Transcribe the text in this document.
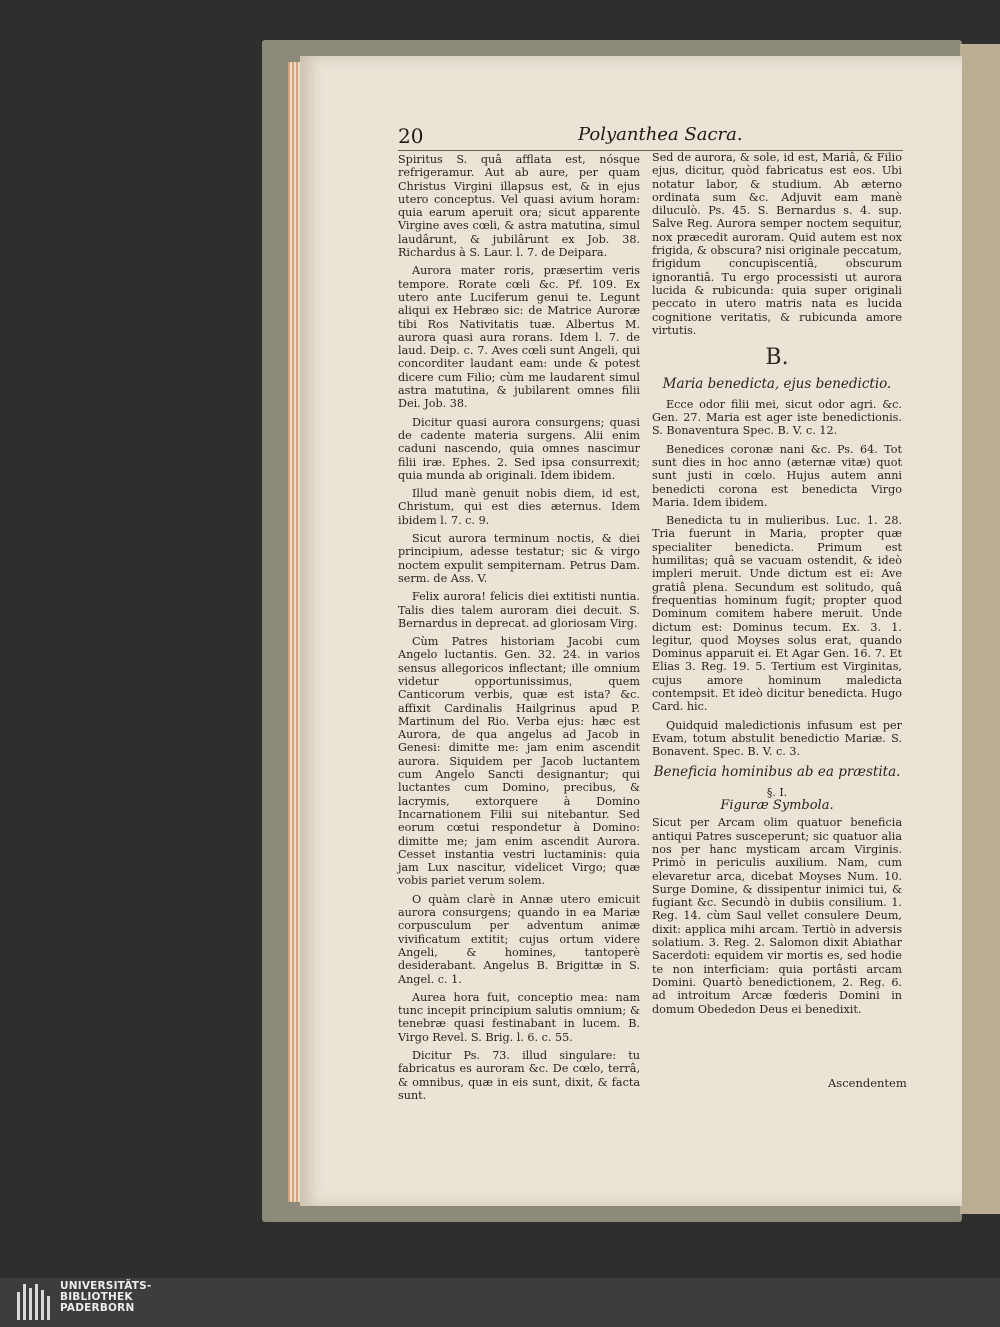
20	Polyanthea Sacra.

Spiritus S. quâ afflata est, nósque refrigeramur. Aut ab aure, per quam Christus Virgini illapsus est, & in ejus utero conceptus. Vel quasi avium horam: quia earum aperuit ora; sicut apparente Virgine aves cœli, & astra matutina, simul laudârunt, & jubilârunt ex Job. 38. Richardus à S. Laur. l. 7. de Deipara.

Aurora mater roris, præsertim veris tempore. Rorate cœli &c. Pf. 109. Ex utero ante Luciferum genui te. Legunt aliqui ex Hebræo sic: de Matrice Auroræ tibi Ros Nativitatis tuæ. Albertus M. aurora quasi aura rorans. Idem l. 7. de laud. Deip. c. 7. Aves cœli sunt Angeli, qui concorditer laudant eam: unde & potest dicere cum Filio; cùm me laudarent simul astra matutina, & jubilarent omnes filii Dei. Job. 38.

Dicitur quasi aurora consurgens; quasi de cadente materia surgens. Alii enim caduni nascendo, quia omnes nascimur filii iræ. Ephes. 2. Sed ipsa consurrexit; quia munda ab originali. Idem ibidem.

Illud manè genuit nobis diem, id est, Christum, qui est dies æternus. Idem ibidem l. 7. c. 9.

Sicut aurora terminum noctis, & diei principium, adesse testatur; sic & virgo noctem expulit sempiternam. Petrus Dam. serm. de Ass. V.

Felix aurora! felicis diei extitisti nuntia. Talis dies talem auroram diei decuit. S. Bernardus in deprecat. ad gloriosam Virg.

Cùm Patres historiam Jacobi cum Angelo luctantis. Gen. 32. 24. in varios sensus allegoricos inflectant; ille omnium videtur opportunissimus, quem Canticorum verbis, quæ est ista? &c. affixit Cardinalis Hailgrinus apud P. Martinum del Rio. Verba ejus: hæc est Aurora, de qua angelus ad Jacob in Genesi: dimitte me: jam enim ascendit aurora. Siquidem per Jacob luctantem cum Angelo Sancti designantur; qui luctantes cum Domino, precibus, & lacrymis, extorquere à Domino Incarnationem Filii sui nitebantur. Sed eorum cœtui respondetur à Domino: dimitte me; jam enim ascendit Aurora. Cesset instantia vestri luctaminis: quia jam Lux nascitur, videlicet Virgo; quæ vobis pariet verum solem.

O quàm clarè in Annæ utero emicuit aurora consurgens; quando in ea Mariæ corpusculum per adventum animæ vivificatum extitit; cujus ortum videre Angeli, & homines, tantoperè desiderabant. Angelus B. Brigittæ in S. Angel. c. 1.

Aurea hora fuit, conceptio mea: nam tunc incepit principium salutis omnium; & tenebræ quasi festinabant in lucem. B. Virgo Revel. S. Brig. l. 6. c. 55.

Dicitur Ps. 73. illud singulare: tu fabricatus es auroram &c. De cœlo, terrâ, & omnibus, quæ in eis sunt, dixit, & facta sunt.

Sed de aurora, & sole, id est, Mariâ, & Filio ejus, dicitur, quòd fabricatus est eos. Ubi notatur labor, & studium. Ab æterno ordinata sum &c. Adjuvit eam manè diluculò. Ps. 45. S. Bernardus s. 4. sup. Salve Reg. Aurora semper noctem sequitur, nox præcedit auroram. Quid autem est nox frigida, & obscura? nisi originale peccatum, frigidum concupiscentiâ, obscurum ignorantiâ. Tu ergo processisti ut aurora lucida & rubicunda: quia super originali peccato in utero matris nata es lucida cognitione veritatis, & rubicunda amore virtutis.

B.
Maria benedicta, ejus benedictio.

Ecce odor filii mei, sicut odor agri. &c. Gen. 27. Maria est ager iste benedictionis. S. Bonaventura Spec. B. V. c. 12.

Benedices coronæ nani &c. Ps. 64. Tot sunt dies in hoc anno (æternæ vitæ) quot sunt justi in cœlo. Hujus autem anni benedicti corona est benedicta Virgo Maria. Idem ibidem.

Benedicta tu in mulieribus. Luc. 1. 28. Tria fuerunt in Maria, propter quæ specialiter benedicta. Primum est humilitas; quâ se vacuam ostendit, & ideò impleri meruit. Unde dictum est ei: Ave gratiâ plena. Secundum est solitudo, quâ frequentias hominum fugit; propter quod Dominum comitem habere meruit. Unde dictum est: Dominus tecum. Ex. 3. 1. legitur, quod Moyses solus erat, quando Dominus apparuit ei. Et Agar Gen. 16. 7. Et Elias 3. Reg. 19. 5. Tertium est Virginitas, cujus amore hominum maledicta contempsit. Et ideò dicitur benedicta. Hugo Card. hic.

Quidquid maledictionis infusum est per Evam, totum abstulit benedictio Mariæ. S. Bonavent. Spec. B. V. c. 3.

Beneficia hominibus ab ea præstita.
§. I.
Figuræ Symbola.

Sicut per Arcam olim quatuor beneficia antiqui Patres susceperunt; sic quatuor alia nos per hanc mysticam arcam Virginis. Primò in periculis auxilium. Nam, cum elevaretur arca, dicebat Moyses Num. 10. Surge Domine, & dissipentur inimici tui, & fugiant &c. Secundò in dubiis consilium. 1. Reg. 14. cùm Saul vellet consulere Deum, dixit: applica mihi arcam. Tertiò in adversis solatium. 3. Reg. 2. Salomon dixit Abiathar Sacerdoti: equidem vir mortis es, sed hodie te non interficiam: quia portâsti arcam Domini. Quartò benedictionem, 2. Reg. 6. ad introitum Arcæ fœderis Domini in domum Obededon Deus ei benedixit.

Ascendentem
UNIVERSITÄTS-
BIBLIOTHEK
PADERBORN
